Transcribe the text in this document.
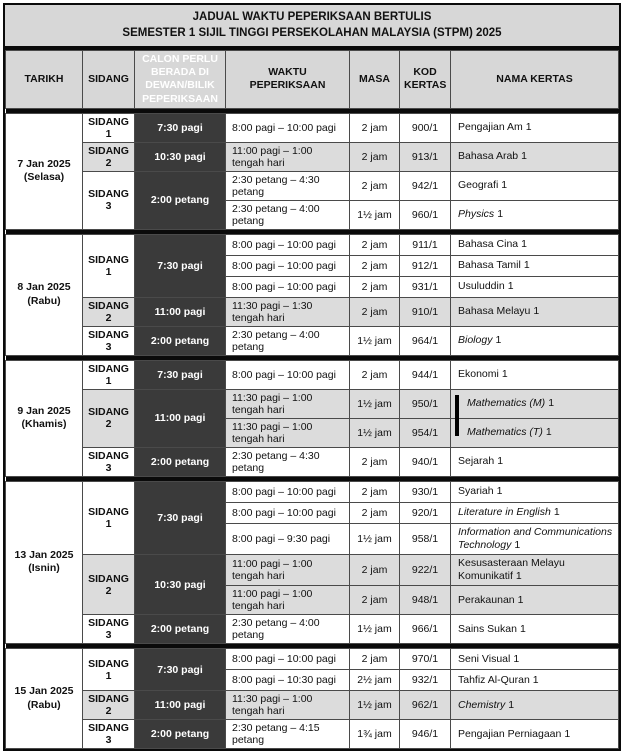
JADUAL WAKTU PEPERIKSAAN BERTULIS
SEMESTER 1 SIJIL TINGGI PERSEKOLAHAN MALAYSIA (STPM) 2025
TARIKH	SIDANG	CALON PERLU BERADA DI DEWAN/BILIK PEPERIKSAAN	WAKTU PEPERIKSAAN	MASA	KOD KERTAS	NAMA KERTAS

7 Jan 2025
(Selasa)	SIDANG 1	7:30 pagi	8:00 pagi – 10:00 pagi	2 jam	900/1	Pengajian Am 1
	SIDANG 2	10:30 pagi	11:00 pagi – 1:00 tengah hari	2 jam	913/1	Bahasa Arab 1
	SIDANG 3	2:00 petang	2:30 petang – 4:30 petang	2 jam	942/1	Geografi 1
			2:30 petang – 4:00 petang	1½ jam	960/1	Physics 1

8 Jan 2025
(Rabu)	SIDANG 1	7:30 pagi	8:00 pagi – 10:00 pagi	2 jam	911/1	Bahasa Cina 1
			8:00 pagi – 10:00 pagi	2 jam	912/1	Bahasa Tamil 1
			8:00 pagi – 10:00 pagi	2 jam	931/1	Usuluddin 1
	SIDANG 2	11:00 pagi	11:30 pagi – 1:30 tengah hari	2 jam	910/1	Bahasa Melayu 1
	SIDANG 3	2:00 petang	2:30 petang – 4:00 petang	1½ jam	964/1	Biology 1

9 Jan 2025
(Khamis)	SIDANG 1	7:30 pagi	8:00 pagi – 10:00 pagi	2 jam	944/1	Ekonomi 1
	SIDANG 2	11:00 pagi	11:30 pagi – 1:00 tengah hari	1½ jam	950/1	Mathematics (M) 1
			11:30 pagi – 1:00 tengah hari	1½ jam	954/1	Mathematics (T) 1
	SIDANG 3	2:00 petang	2:30 petang – 4:30 petang	2 jam	940/1	Sejarah 1

13 Jan 2025
(Isnin)	SIDANG 1	7:30 pagi	8:00 pagi – 10:00 pagi	2 jam	930/1	Syariah 1
			8:00 pagi – 10:00 pagi	2 jam	920/1	Literature in English 1
			8:00 pagi – 9:30 pagi	1½ jam	958/1	Information and Communications Technology 1
	SIDANG 2	10:30 pagi	11:00 pagi – 1:00 tengah hari	2 jam	922/1	Kesusasteraan Melayu Komunikatif 1
			11:00 pagi – 1:00 tengah hari	2 jam	948/1	Perakaunan 1
	SIDANG 3	2:00 petang	2:30 petang – 4:00 petang	1½ jam	966/1	Sains Sukan 1

15 Jan 2025
(Rabu)	SIDANG 1	7:30 pagi	8:00 pagi – 10:00 pagi	2 jam	970/1	Seni Visual 1
			8:00 pagi – 10:30 pagi	2½ jam	932/1	Tahfiz Al-Quran 1
	SIDANG 2	11:00 pagi	11:30 pagi – 1:00 tengah hari	1½ jam	962/1	Chemistry 1
	SIDANG 3	2:00 petang	2:30 petang – 4:15 petang	1¾ jam	946/1	Pengajian Perniagaan 1
